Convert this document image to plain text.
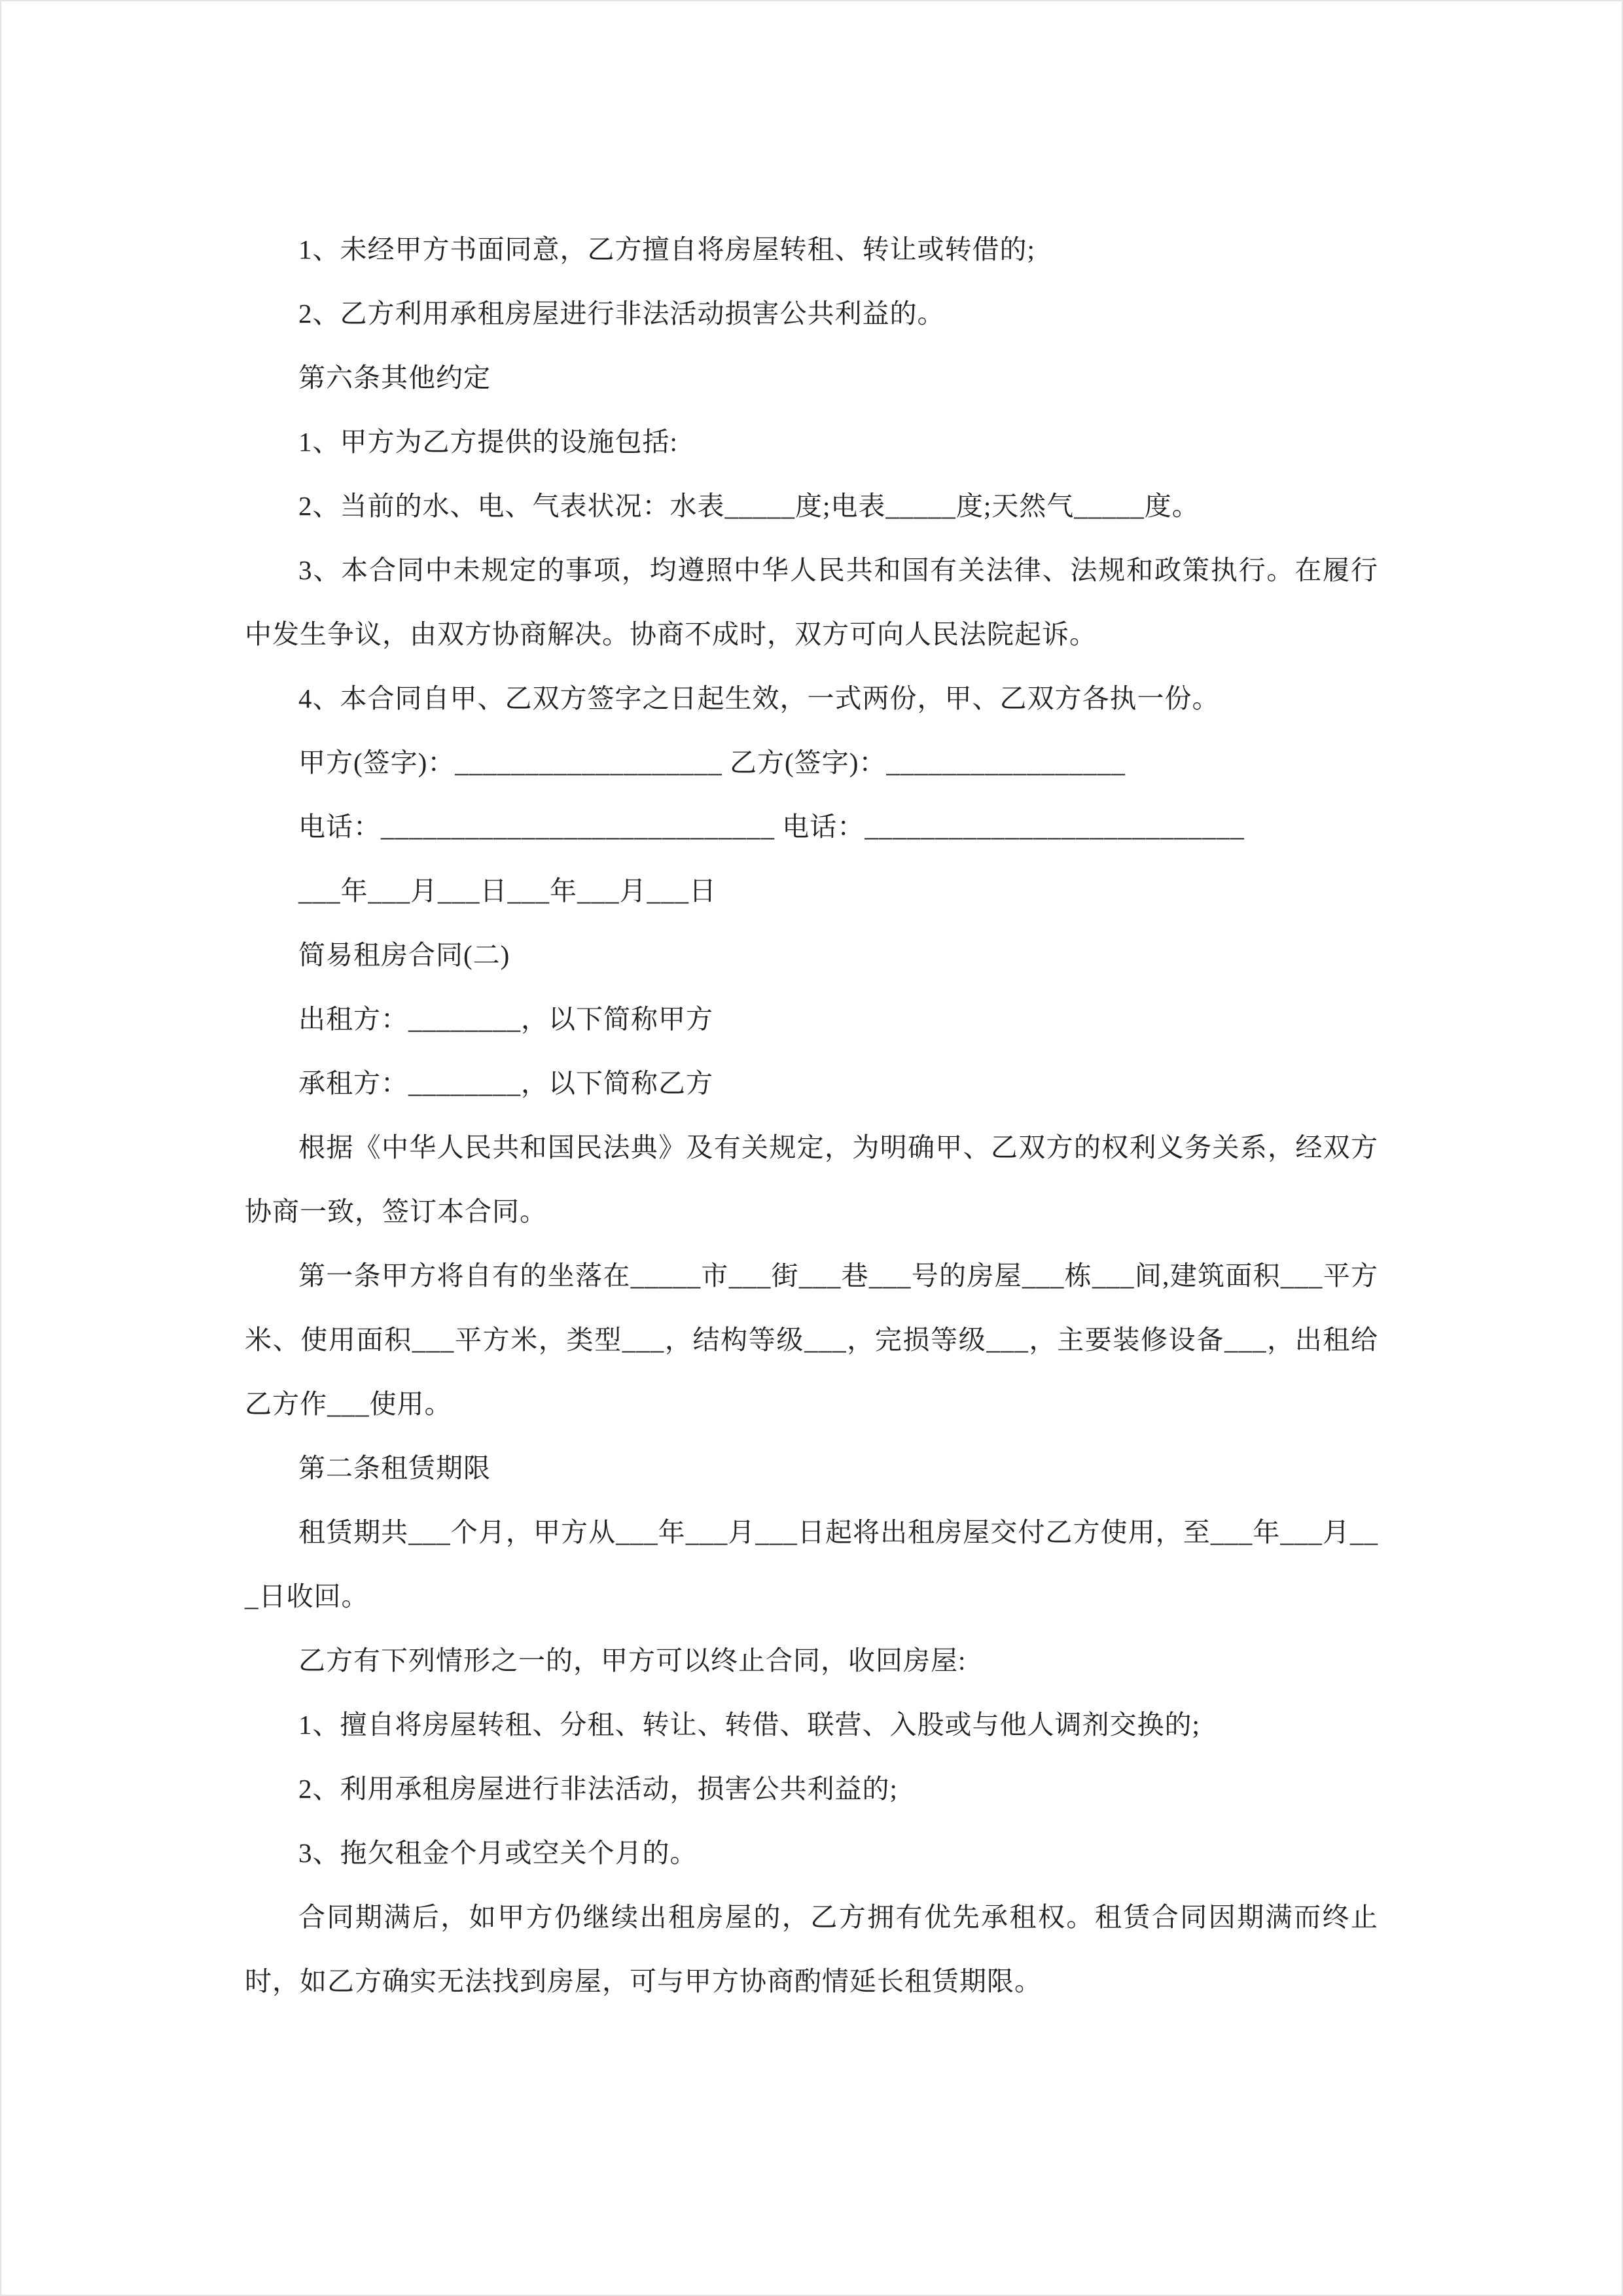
1、未经甲方书面同意，乙方擅自将房屋转租、转让或转借的;

2、乙方利用承租房屋进行非法活动损害公共利益的。

第六条其他约定

1、甲方为乙方提供的设施包括:

2、当前的水、电、气表状况：水表_____度;电表_____度;天然气_____度。

3、本合同中未规定的事项，均遵照中华人民共和国有关法律、法规和政策执行。在履行中发生争议，由双方协商解决。协商不成时，双方可向人民法院起诉。

4、本合同自甲、乙双方签字之日起生效，一式两份，甲、乙双方各执一份。

甲方(签字)：___________________ 乙方(签字)：_________________

电话：____________________________ 电话：___________________________

___年___月___日___年___月___日

简易租房合同(二)

出租方：________，以下简称甲方

承租方：________，以下简称乙方

根据《中华人民共和国民法典》及有关规定，为明确甲、乙双方的权利义务关系，经双方协商一致，签订本合同。

第一条甲方将自有的坐落在_____市___街___巷___号的房屋___栋___间,建筑面积___平方米、使用面积___平方米，类型___，结构等级___，完损等级___，主要装修设备___，出租给乙方作___使用。

第二条租赁期限

租赁期共___个月，甲方从___年___月___日起将出租房屋交付乙方使用，至___年___月___日收回。

乙方有下列情形之一的，甲方可以终止合同，收回房屋:

1、擅自将房屋转租、分租、转让、转借、联营、入股或与他人调剂交换的;

2、利用承租房屋进行非法活动，损害公共利益的;

3、拖欠租金个月或空关个月的。

合同期满后，如甲方仍继续出租房屋的，乙方拥有优先承租权。租赁合同因期满而终止时，如乙方确实无法找到房屋，可与甲方协商酌情延长租赁期限。
